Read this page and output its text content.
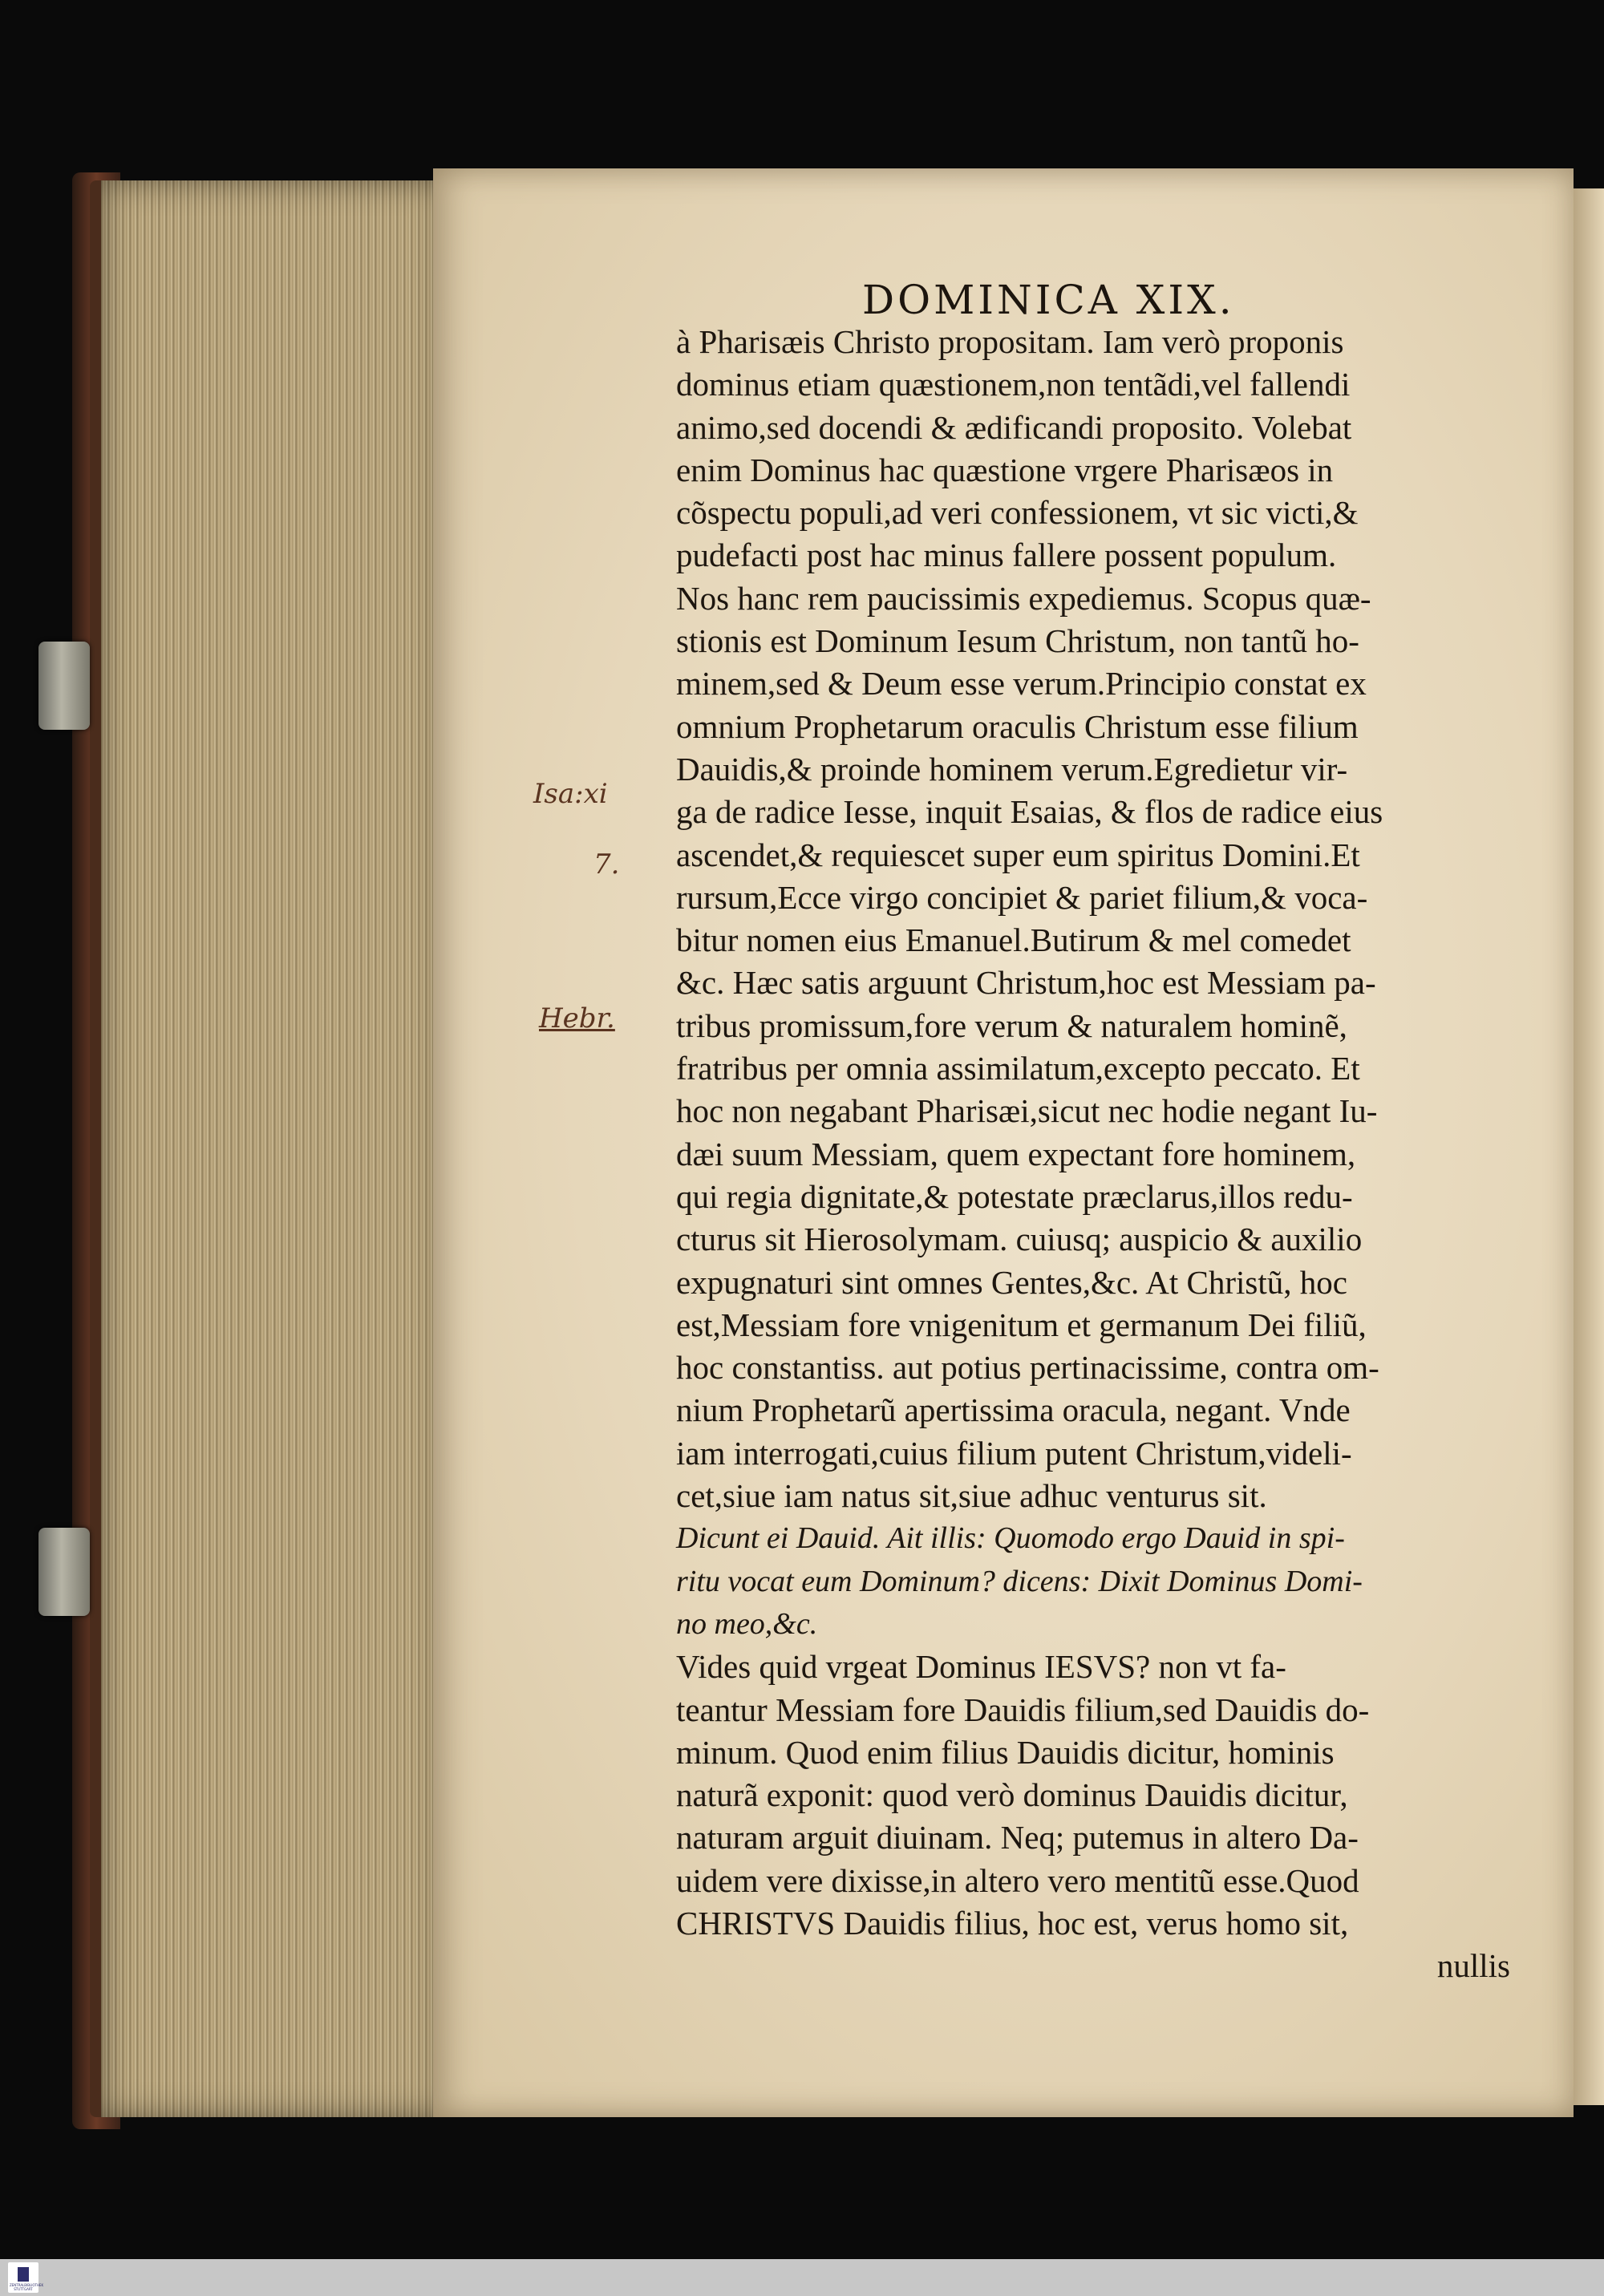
DOMINICA XIX.
à Pharisæis Christo propositam. Iam verò proponis
dominus etiam quæstionem,non tentãdi,vel fallendi
animo,sed docendi & ædificandi proposito. Volebat
enim Dominus hac quæstione vrgere Pharisæos in
cõspectu populi,ad veri confessionem, vt sic victi,&
pudefacti post hac minus fallere possent populum.
Nos hanc rem paucissimis expediemus. Scopus quæ-
stionis est Dominum Iesum Christum, non tantũ ho-
minem,sed & Deum esse verum.Principio constat ex
omnium Prophetarum oraculis Christum esse filium
Dauidis,& proinde hominem verum.Egredietur vir-
ga de radice Iesse, inquit Esaias, & flos de radice eius
ascendet,& requiescet super eum spiritus Domini.Et
rursum,Ecce virgo concipiet & pariet filium,& voca-
bitur nomen eius Emanuel.Butirum & mel comedet
&c. Hæc satis arguunt Christum,hoc est Messiam pa-
tribus promissum,fore verum & naturalem hominẽ,
fratribus per omnia assimilatum,excepto peccato. Et
hoc non negabant Pharisæi,sicut nec hodie negant Iu-
dæi suum Messiam, quem expectant fore hominem,
qui regia dignitate,& potestate præclarus,illos redu-
cturus sit Hierosolymam. cuiusq; auspicio & auxilio
expugnaturi sint omnes Gentes,&c. At Christũ, hoc
est,Messiam fore vnigenitum et germanum Dei filiũ,
hoc constantiss. aut potius pertinacissime, contra om-
nium Prophetarũ apertissima oracula, negant. Vnde
iam interrogati,cuius filium putent Christum,videli-
cet,siue iam natus sit,siue adhuc venturus sit.
Dicunt ei Dauid. Ait illis: Quomodo ergo Dauid in spi-
ritu vocat eum Dominum? dicens: Dixit Dominus Domi-
no meo,&c.
Vides quid vrgeat Dominus IESVS? non vt fa-
teantur Messiam fore Dauidis filium,sed Dauidis do-
minum. Quod enim filius Dauidis dicitur, hominis
naturã exponit: quod verò dominus Dauidis dicitur,
naturam arguit diuinam. Neq; putemus in altero Da-
uidem vere dixisse,in altero vero mentitũ esse.Quod
CHRISTVS Dauidis filius, hoc est, verus homo sit,
nullis
Isa:xi
7.
Hebr.
ZENTRALBIBLIOTHEK STUTTGART
